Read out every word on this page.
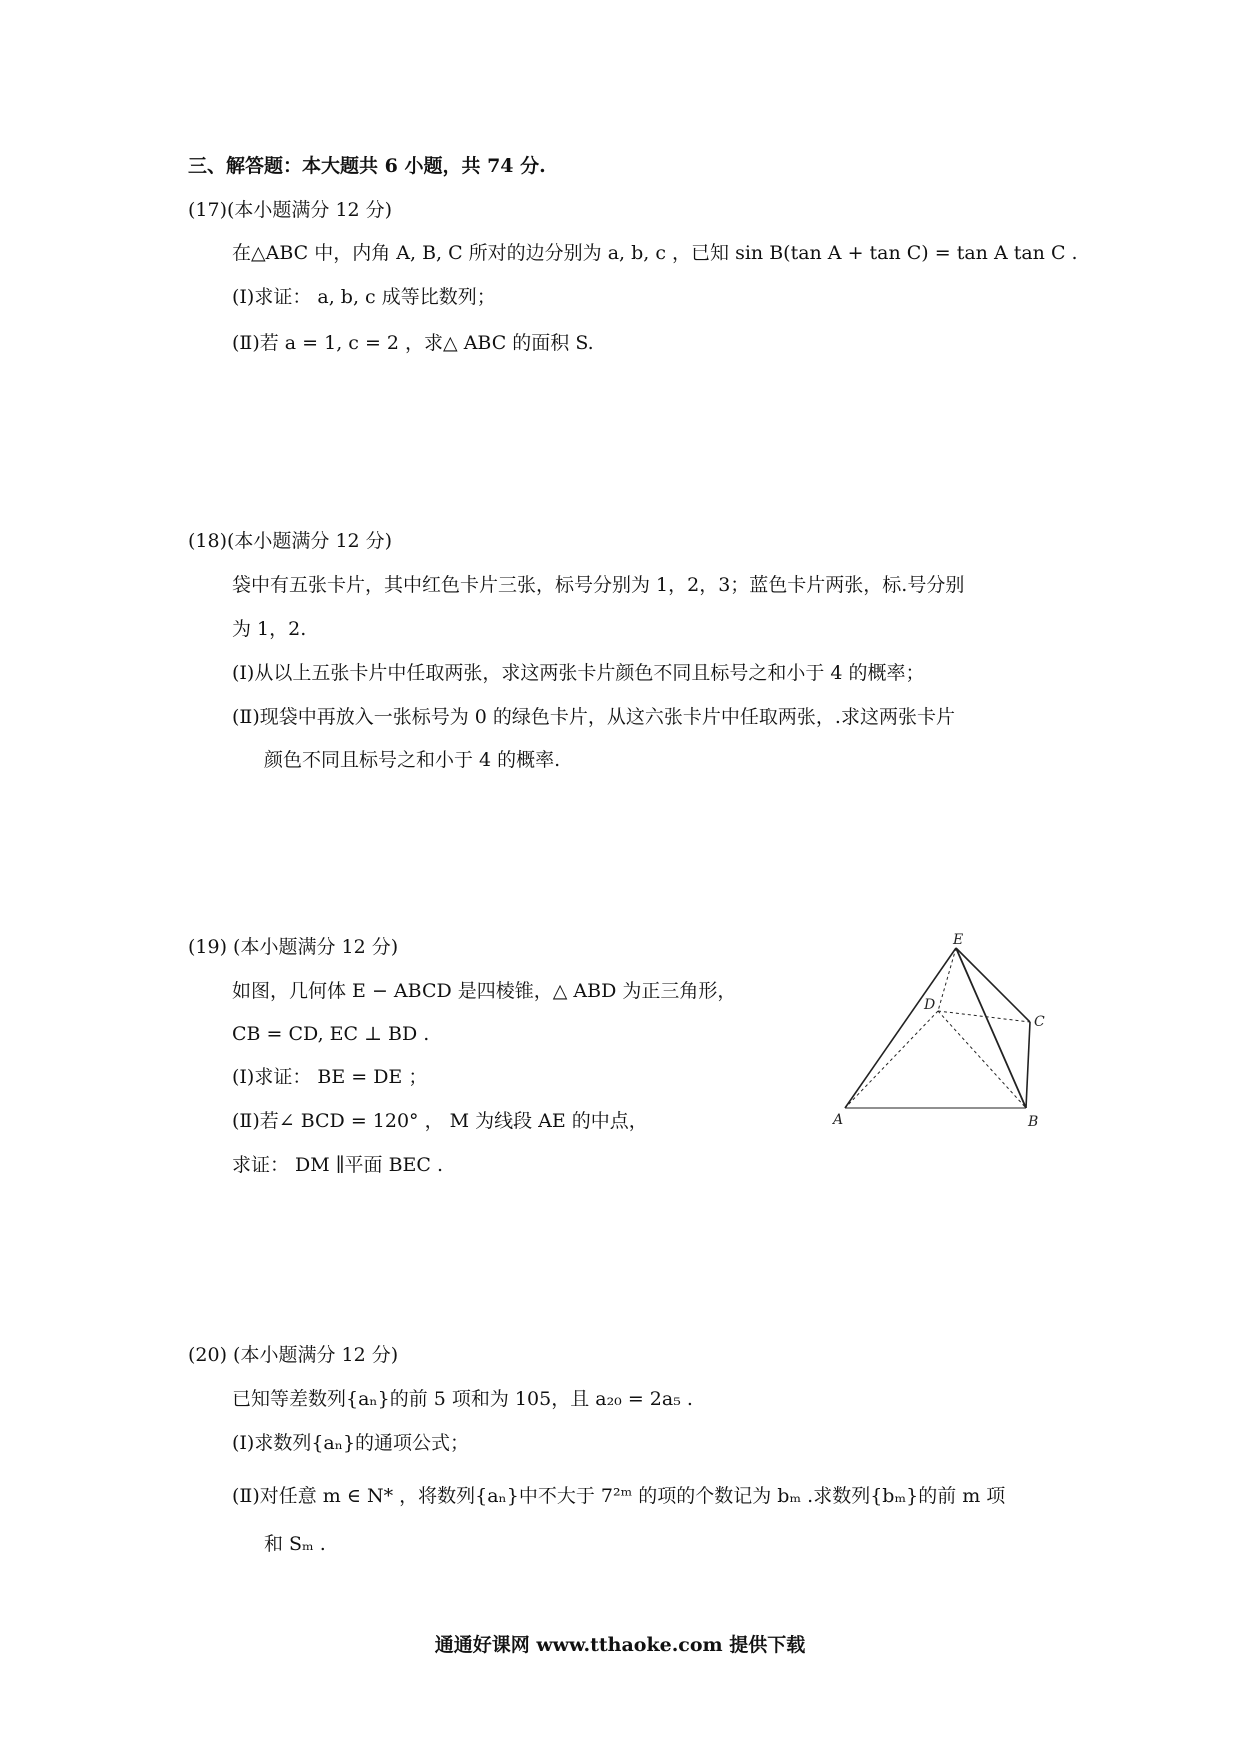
三、解答题：本大题共 6 小题，共 74 分.
(17)(本小题满分 12 分)
在△ABC 中，内角 A, B, C 所对的边分别为 a, b, c ，已知 sin B(tan A + tan C) = tan A tan C .
(Ⅰ)求证： a, b, c 成等比数列；
(Ⅱ)若 a = 1, c = 2 ，求△ ABC 的面积 S.
(18)(本小题满分 12 分)
袋中有五张卡片，其中红色卡片三张，标号分别为 1，2，3；蓝色卡片两张，标.号分别
为 1，2.
(Ⅰ)从以上五张卡片中任取两张，求这两张卡片颜色不同且标号之和小于 4 的概率；
(Ⅱ)现袋中再放入一张标号为 0 的绿色卡片，从这六张卡片中任取两张，.求这两张卡片
颜色不同且标号之和小于 4 的概率.
(19) (本小题满分 12 分)
如图，几何体 E − ABCD 是四棱锥，△ ABD 为正三角形，
CB = CD, EC ⊥ BD .
(Ⅰ)求证： BE = DE ；
(Ⅱ)若∠ BCD = 120° ， M 为线段 AE 的中点，
求证： DM ∥平面 BEC .
E
D
C
A	B
(20) (本小题满分 12 分)
已知等差数列{aₙ}的前 5 项和为 105，且 a₂₀ = 2a₅ .
(Ⅰ)求数列{aₙ}的通项公式；
(Ⅱ)对任意 m ∈ N* ，将数列{aₙ}中不大于 7²ᵐ 的项的个数记为 bₘ .求数列{bₘ}的前 m 项
和 Sₘ .
通通好课网 www.tthaoke.com 提供下载
